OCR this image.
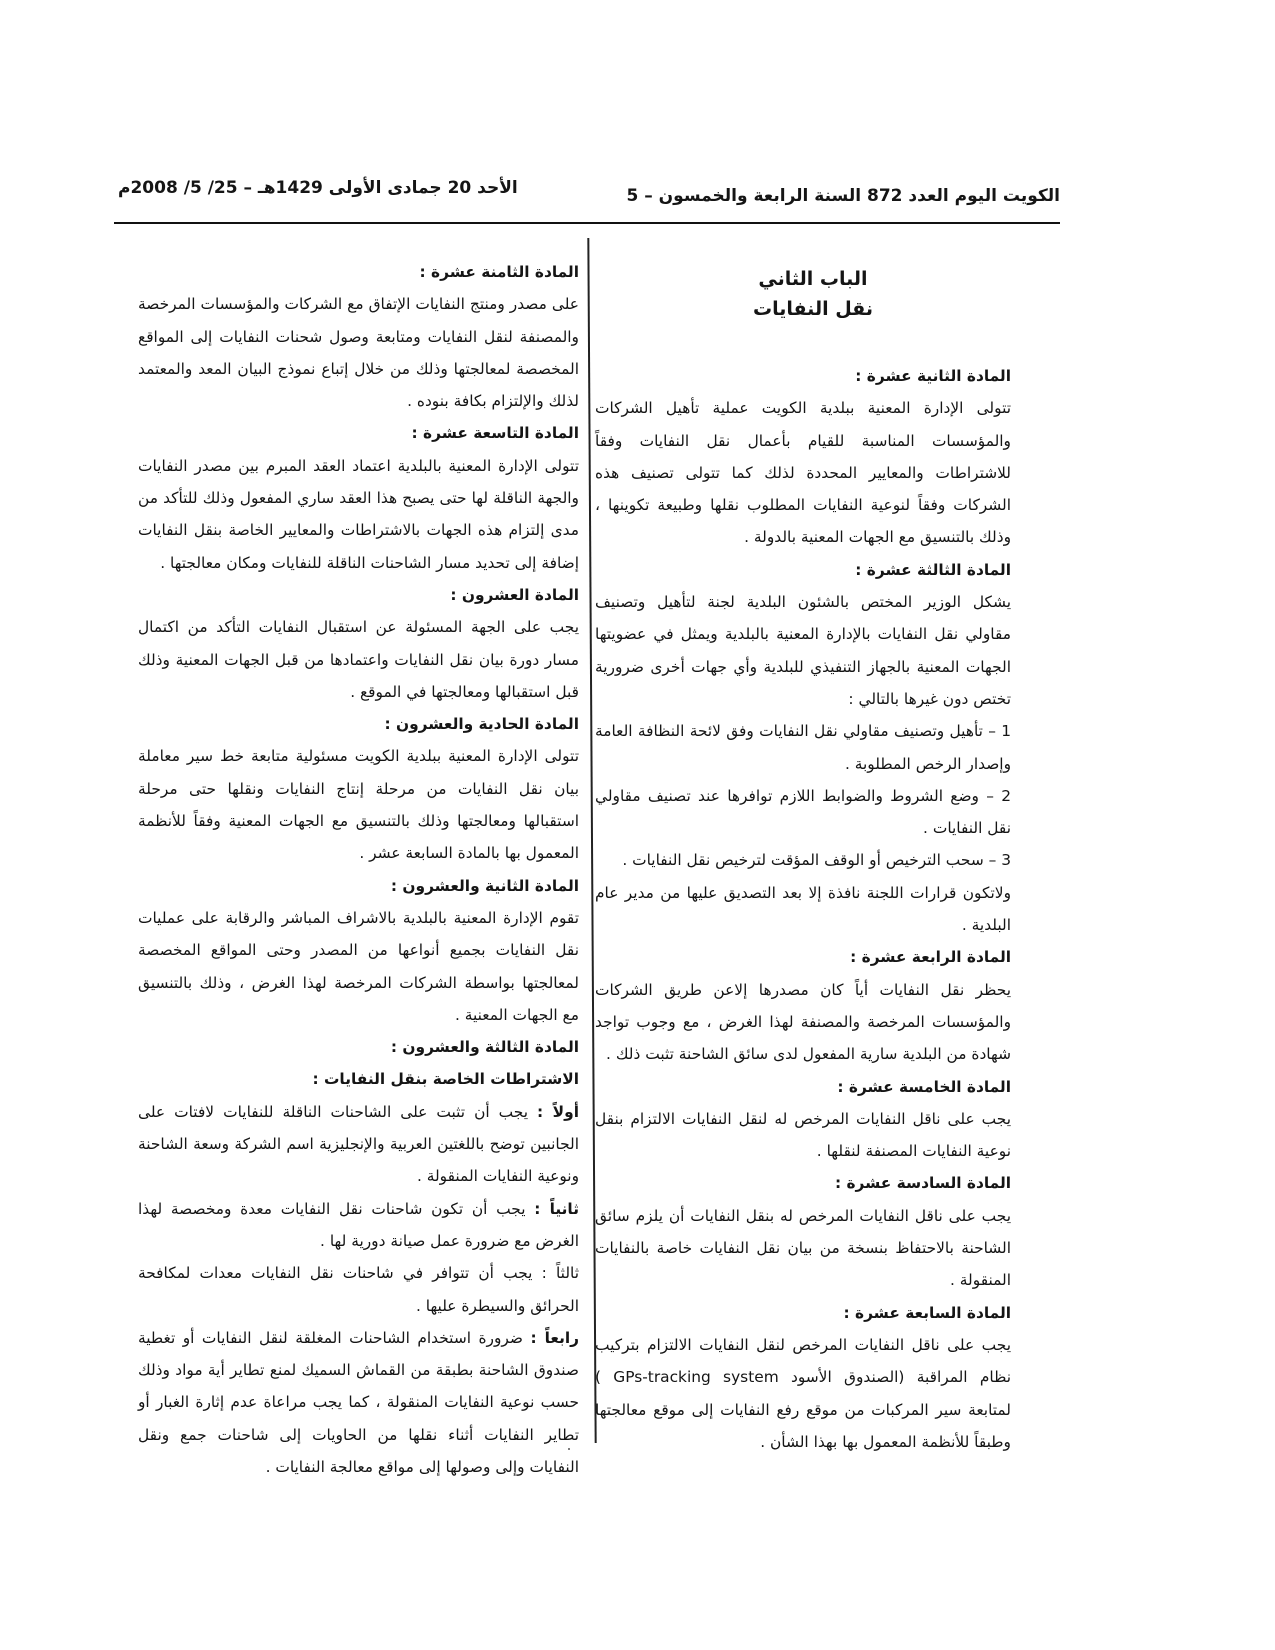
الكويت اليوم العدد 872 السنة الرابعة والخمسون – 5
الأحد 20 جمادى الأولى 1429هـ – 25/ 5/ 2008م

الباب الثاني

نقل النفايات

المادة الثانية عشرة :

تتولى الإدارة المعنية ببلدية الكويت عملية تأهيل الشركات والمؤسسات المناسبة للقيام بأعمال نقل النفايات وفقاً للاشتراطات والمعايير المحددة لذلك كما تتولى تصنيف هذه الشركات وفقاً لنوعية النفايات المطلوب نقلها وطبيعة تكوينها ، وذلك بالتنسيق مع الجهات المعنية بالدولة .

المادة الثالثة عشرة :

يشكل الوزير المختص بالشئون البلدية لجنة لتأهيل وتصنيف مقاولي نقل النفايات بالإدارة المعنية بالبلدية ويمثل في عضويتها الجهات المعنية بالجهاز التنفيذي للبلدية وأي جهات أخرى ضرورية تختص دون غيرها بالتالي :

1 – تأهيل وتصنيف مقاولي نقل النفايات وفق لائحة النظافة العامة وإصدار الرخص المطلوبة .

2 – وضع الشروط والضوابط اللازم توافرها عند تصنيف مقاولي نقل النفايات .

3 – سحب الترخيص أو الوقف المؤقت لترخيص نقل النفايات .

ولاتكون قرارات اللجنة نافذة إلا بعد التصديق عليها من مدير عام البلدية .

المادة الرابعة عشرة :

يحظر نقل النفايات أياً كان مصدرها إلاعن طريق الشركات والمؤسسات المرخصة والمصنفة لهذا الغرض ، مع وجوب تواجد شهادة من البلدية سارية المفعول لدى سائق الشاحنة تثبت ذلك .

المادة الخامسة عشرة :

يجب على ناقل النفايات المرخص له لنقل النفايات الالتزام بنقل نوعية النفايات المصنفة لنقلها .

المادة السادسة عشرة :

يجب على ناقل النفايات المرخص له بنقل النفايات أن يلزم سائق الشاحنة بالاحتفاظ بنسخة من بيان نقل النفايات خاصة بالنفايات المنقولة .

المادة السابعة عشرة :

يجب على ناقل النفايات المرخص لنقل النفايات الالتزام بتركيب نظام المراقبة (الصندوق الأسود GPs-tracking system ) لمتابعة سير المركبات من موقع رفع النفايات إلى موقع معالجتها وطبقاً للأنظمة المعمول بها بهذا الشأن .

المادة الثامنة عشرة :

على مصدر ومنتج النفايات الإتفاق مع الشركات والمؤسسات المرخصة والمصنفة لنقل النفايات ومتابعة وصول شحنات النفايات إلى المواقع المخصصة لمعالجتها وذلك من خلال إتباع نموذج البيان المعد والمعتمد لذلك والإلتزام بكافة بنوده .

المادة التاسعة عشرة :

تتولى الإدارة المعنية بالبلدية اعتماد العقد المبرم بين مصدر النفايات والجهة الناقلة لها حتى يصبح هذا العقد ساري المفعول وذلك للتأكد من مدى إلتزام هذه الجهات بالاشتراطات والمعايير الخاصة بنقل النفايات إضافة إلى تحديد مسار الشاحنات الناقلة للنفايات ومكان معالجتها .

المادة العشرون :

يجب على الجهة المسئولة عن استقبال النفايات التأكد من اكتمال مسار دورة بيان نقل النفايات واعتمادها من قبل الجهات المعنية وذلك قبل استقبالها ومعالجتها في الموقع .

المادة الحادية والعشرون :

تتولى الإدارة المعنية ببلدية الكويت مسئولية متابعة خط سير معاملة بيان نقل النفايات من مرحلة إنتاج النفايات ونقلها حتى مرحلة استقبالها ومعالجتها وذلك بالتنسيق مع الجهات المعنية وفقاً للأنظمة المعمول بها بالمادة السابعة عشر .

المادة الثانية والعشرون :

تقوم الإدارة المعنية بالبلدية بالاشراف المباشر والرقابة على عمليات نقل النفايات بجميع أنواعها من المصدر وحتى المواقع المخصصة لمعالجتها بواسطة الشركات المرخصة لهذا الغرض ، وذلك بالتنسيق مع الجهات المعنية .

المادة الثالثة والعشرون :

الاشتراطات الخاصة بنقل النفايات :

أولاً : يجب أن تثبت على الشاحنات الناقلة للنفايات لافتات على الجانبين توضح باللغتين العربية والإنجليزية اسم الشركة وسعة الشاحنة ونوعية النفايات المنقولة .

ثانياً : يجب أن تكون شاحنات نقل النفايات معدة ومخصصة لهذا الغرض مع ضرورة عمل صيانة دورية لها .

ثالثاً : يجب أن تتوافر في شاحنات نقل النفايات معدات لمكافحة الحرائق والسيطرة عليها .

رابعاً : ضرورة استخدام الشاحنات المغلقة لنقل النفايات أو تغطية صندوق الشاحنة بطبقة من القماش السميك لمنع تطاير أية مواد وذلك حسب نوعية النفايات المنقولة ، كما يجب مراعاة عدم إثارة الغبار أو تطاير النفايات أثناء نقلها من الحاويات إلى شاحنات جمع ونقل النفايات وإلى وصولها إلى مواقع معالجة النفايات .
